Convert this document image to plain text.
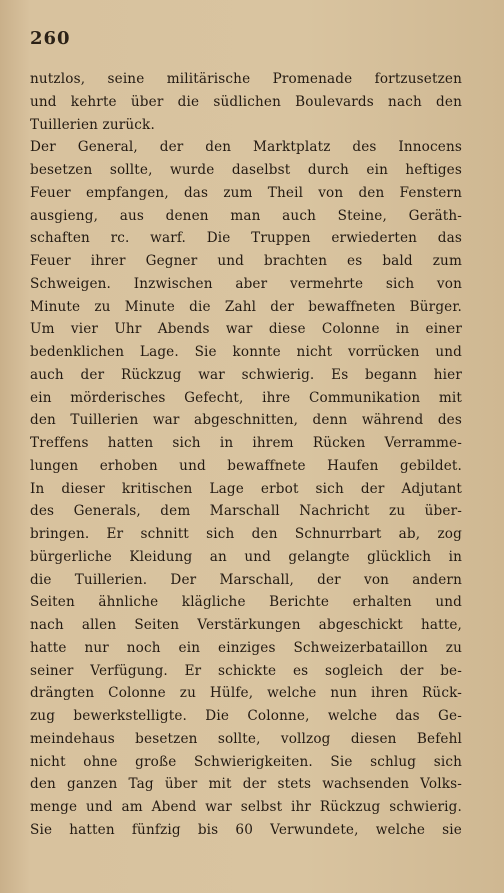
260
nutzlos, seine militärische Promenade fortzusetzen
und kehrte über die südlichen Boulevards nach den
Tuillerien zurück.
Der General, der den Marktplatz des Innocens
besetzen sollte, wurde daselbst durch ein heftiges
Feuer empfangen, das zum Theil von den Fenstern
ausgieng, aus denen man auch Steine, Geräth-
schaften rc. warf. Die Truppen erwiederten das
Feuer ihrer Gegner und brachten es bald zum
Schweigen. Inzwischen aber vermehrte sich von
Minute zu Minute die Zahl der bewaffneten Bürger.
Um vier Uhr Abends war diese Colonne in einer
bedenklichen Lage. Sie konnte nicht vorrücken und
auch der Rückzug war schwierig. Es begann hier
ein mörderisches Gefecht, ihre Communikation mit
den Tuillerien war abgeschnitten, denn während des
Treffens hatten sich in ihrem Rücken Verramme-
lungen erhoben und bewaffnete Haufen gebildet.
In dieser kritischen Lage erbot sich der Adjutant
des Generals, dem Marschall Nachricht zu über-
bringen. Er schnitt sich den Schnurrbart ab, zog
bürgerliche Kleidung an und gelangte glücklich in
die Tuillerien. Der Marschall, der von andern
Seiten ähnliche klägliche Berichte erhalten und
nach allen Seiten Verstärkungen abgeschickt hatte,
hatte nur noch ein einziges Schweizerbataillon zu
seiner Verfügung. Er schickte es sogleich der be-
drängten Colonne zu Hülfe, welche nun ihren Rück-
zug bewerkstelligte. Die Colonne, welche das Ge-
meindehaus besetzen sollte, vollzog diesen Befehl
nicht ohne große Schwierigkeiten. Sie schlug sich
den ganzen Tag über mit der stets wachsenden Volks-
menge und am Abend war selbst ihr Rückzug schwierig.
Sie hatten fünfzig bis 60 Verwundete, welche sie
